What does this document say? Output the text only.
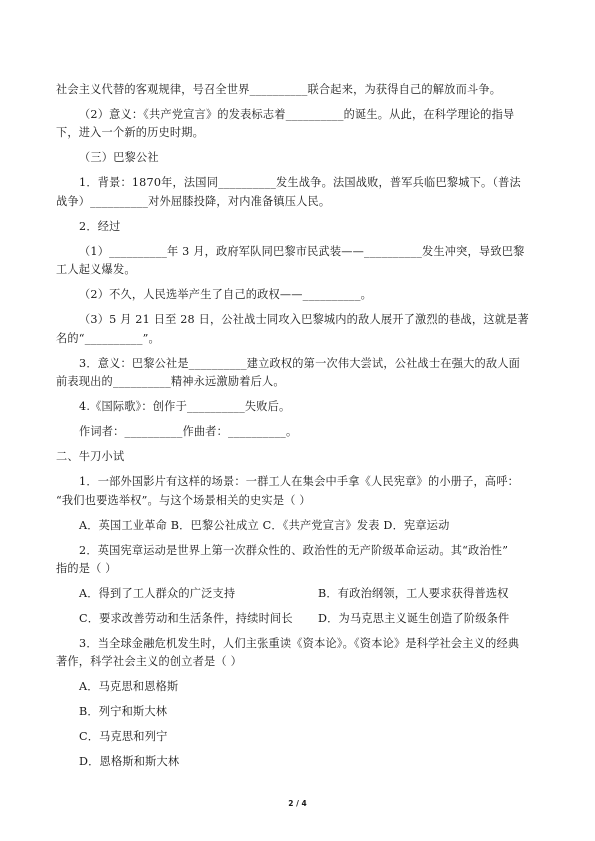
社会主义代替的客观规律，号召全世界__________联合起来，为获得自己的解放而斗争。
（2）意义：《共产党宣言》的发表标志着__________的诞生。从此，在科学理论的指导
下，进入一个新的历史时期。
（三）巴黎公社
1．背景：1870年，法国同__________发生战争。法国战败，普军兵临巴黎城下。（普法
战争）__________对外屈膝投降，对内准备镇压人民。
2．经过
（1）__________年 3 月，政府军队同巴黎市民武装——__________发生冲突，导致巴黎
工人起义爆发。
（2）不久，人民选举产生了自己的政权——__________。
（3）5 月 21 日至 28 日，公社战士同攻入巴黎城内的敌人展开了激烈的巷战，这就是著
名的“__________”。
3．意义：巴黎公社是__________建立政权的第一次伟大尝试，公社战士在强大的敌人面
前表现出的__________精神永远激励着后人。
4.《国际歌》：创作于__________失败后。
作词者：__________作曲者：__________。
二、牛刀小试
1．一部外国影片有这样的场景：一群工人在集会中手拿《人民宪章》的小册子，高呼：
“我们也要选举权”。与这个场景相关的史实是（ ）
A．英国工业革命 B．巴黎公社成立 C．《共产党宣言》发表 D．宪章运动
2．英国宪章运动是世界上第一次群众性的、政治性的无产阶级革命运动。其“政治性”
指的是（ ）
A．得到了工人群众的广泛支持	B．有政治纲领，工人要求获得普选权
C．要求改善劳动和生活条件，持续时间长	D．为马克思主义诞生创造了阶级条件
3．当全球金融危机发生时，人们主张重读《资本论》。《资本论》是科学社会主义的经典
著作，科学社会主义的创立者是（ ）
A．马克思和恩格斯
B．列宁和斯大林
C．马克思和列宁
D．恩格斯和斯大林
2 / 4
